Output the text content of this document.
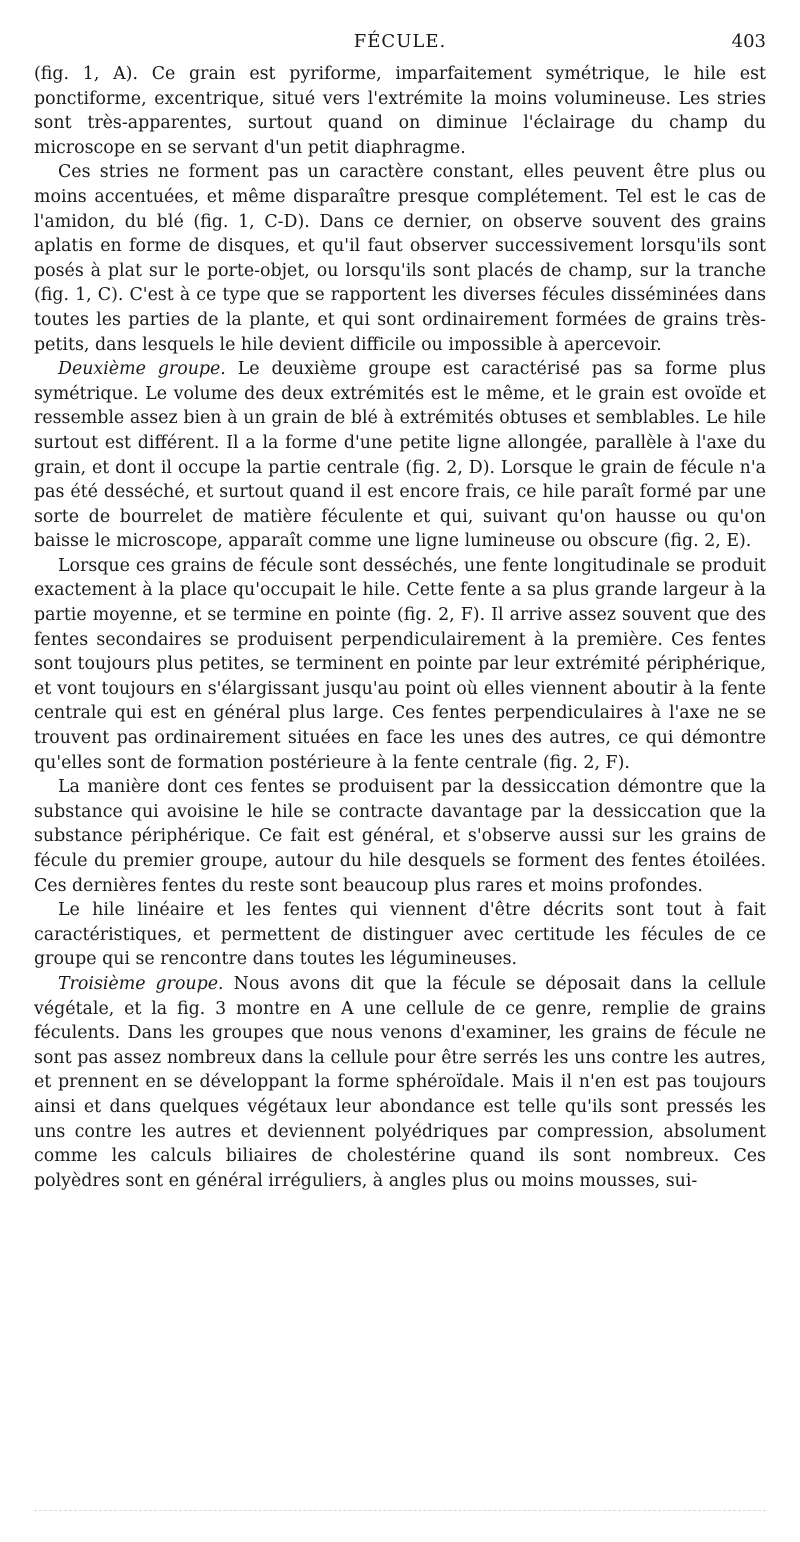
FÉCULE.	403

(fig. 1, A). Ce grain est pyriforme, imparfaitement symétrique, le hile est ponctiforme, excentrique, situé vers l'extrémite la moins volumineuse. Les stries sont très-apparentes, surtout quand on diminue l'éclairage du champ du microscope en se servant d'un petit diaphragme.

Ces stries ne forment pas un caractère constant, elles peuvent être plus ou moins accentuées, et même disparaître presque complétement. Tel est le cas de l'amidon, du blé (fig. 1, C-D). Dans ce dernier, on observe souvent des grains aplatis en forme de disques, et qu'il faut observer successivement lorsqu'ils sont posés à plat sur le porte-objet, ou lorsqu'ils sont placés de champ, sur la tranche (fig. 1, C). C'est à ce type que se rapportent les diverses fécules disséminées dans toutes les parties de la plante, et qui sont ordinairement formées de grains très-petits, dans lesquels le hile devient difficile ou impossible à apercevoir.

Deuxième groupe. Le deuxième groupe est caractérisé pas sa forme plus symétrique. Le volume des deux extrémités est le même, et le grain est ovoïde et ressemble assez bien à un grain de blé à extrémités obtuses et semblables. Le hile surtout est différent. Il a la forme d'une petite ligne allongée, parallèle à l'axe du grain, et dont il occupe la partie centrale (fig. 2, D). Lorsque le grain de fécule n'a pas été desséché, et surtout quand il est encore frais, ce hile paraît formé par une sorte de bourrelet de matière féculente et qui, suivant qu'on hausse ou qu'on baisse le microscope, apparaît comme une ligne lumineuse ou obscure (fig. 2, E).

Lorsque ces grains de fécule sont desséchés, une fente longitudinale se produit exactement à la place qu'occupait le hile. Cette fente a sa plus grande largeur à la partie moyenne, et se termine en pointe (fig. 2, F). Il arrive assez souvent que des fentes secondaires se produisent perpendiculairement à la première. Ces fentes sont toujours plus petites, se terminent en pointe par leur extrémité périphérique, et vont toujours en s'élargissant jusqu'au point où elles viennent aboutir à la fente centrale qui est en général plus large. Ces fentes perpendiculaires à l'axe ne se trouvent pas ordinairement situées en face les unes des autres, ce qui démontre qu'elles sont de formation postérieure à la fente centrale (fig. 2, F).

La manière dont ces fentes se produisent par la dessiccation démontre que la substance qui avoisine le hile se contracte davantage par la dessiccation que la substance périphérique. Ce fait est général, et s'observe aussi sur les grains de fécule du premier groupe, autour du hile desquels se forment des fentes étoilées. Ces dernières fentes du reste sont beaucoup plus rares et moins profondes.

Le hile linéaire et les fentes qui viennent d'être décrits sont tout à fait caractéristiques, et permettent de distinguer avec certitude les fécules de ce groupe qui se rencontre dans toutes les légumineuses.

Troisième groupe. Nous avons dit que la fécule se déposait dans la cellule végétale, et la fig. 3 montre en A une cellule de ce genre, remplie de grains féculents. Dans les groupes que nous venons d'examiner, les grains de fécule ne sont pas assez nombreux dans la cellule pour être serrés les uns contre les autres, et prennent en se développant la forme sphéroïdale. Mais il n'en est pas toujours ainsi et dans quelques végétaux leur abondance est telle qu'ils sont pressés les uns contre les autres et deviennent polyédriques par compression, absolument comme les calculs biliaires de cholestérine quand ils sont nombreux. Ces polyèdres sont en général irréguliers, à angles plus ou moins mousses, sui-
